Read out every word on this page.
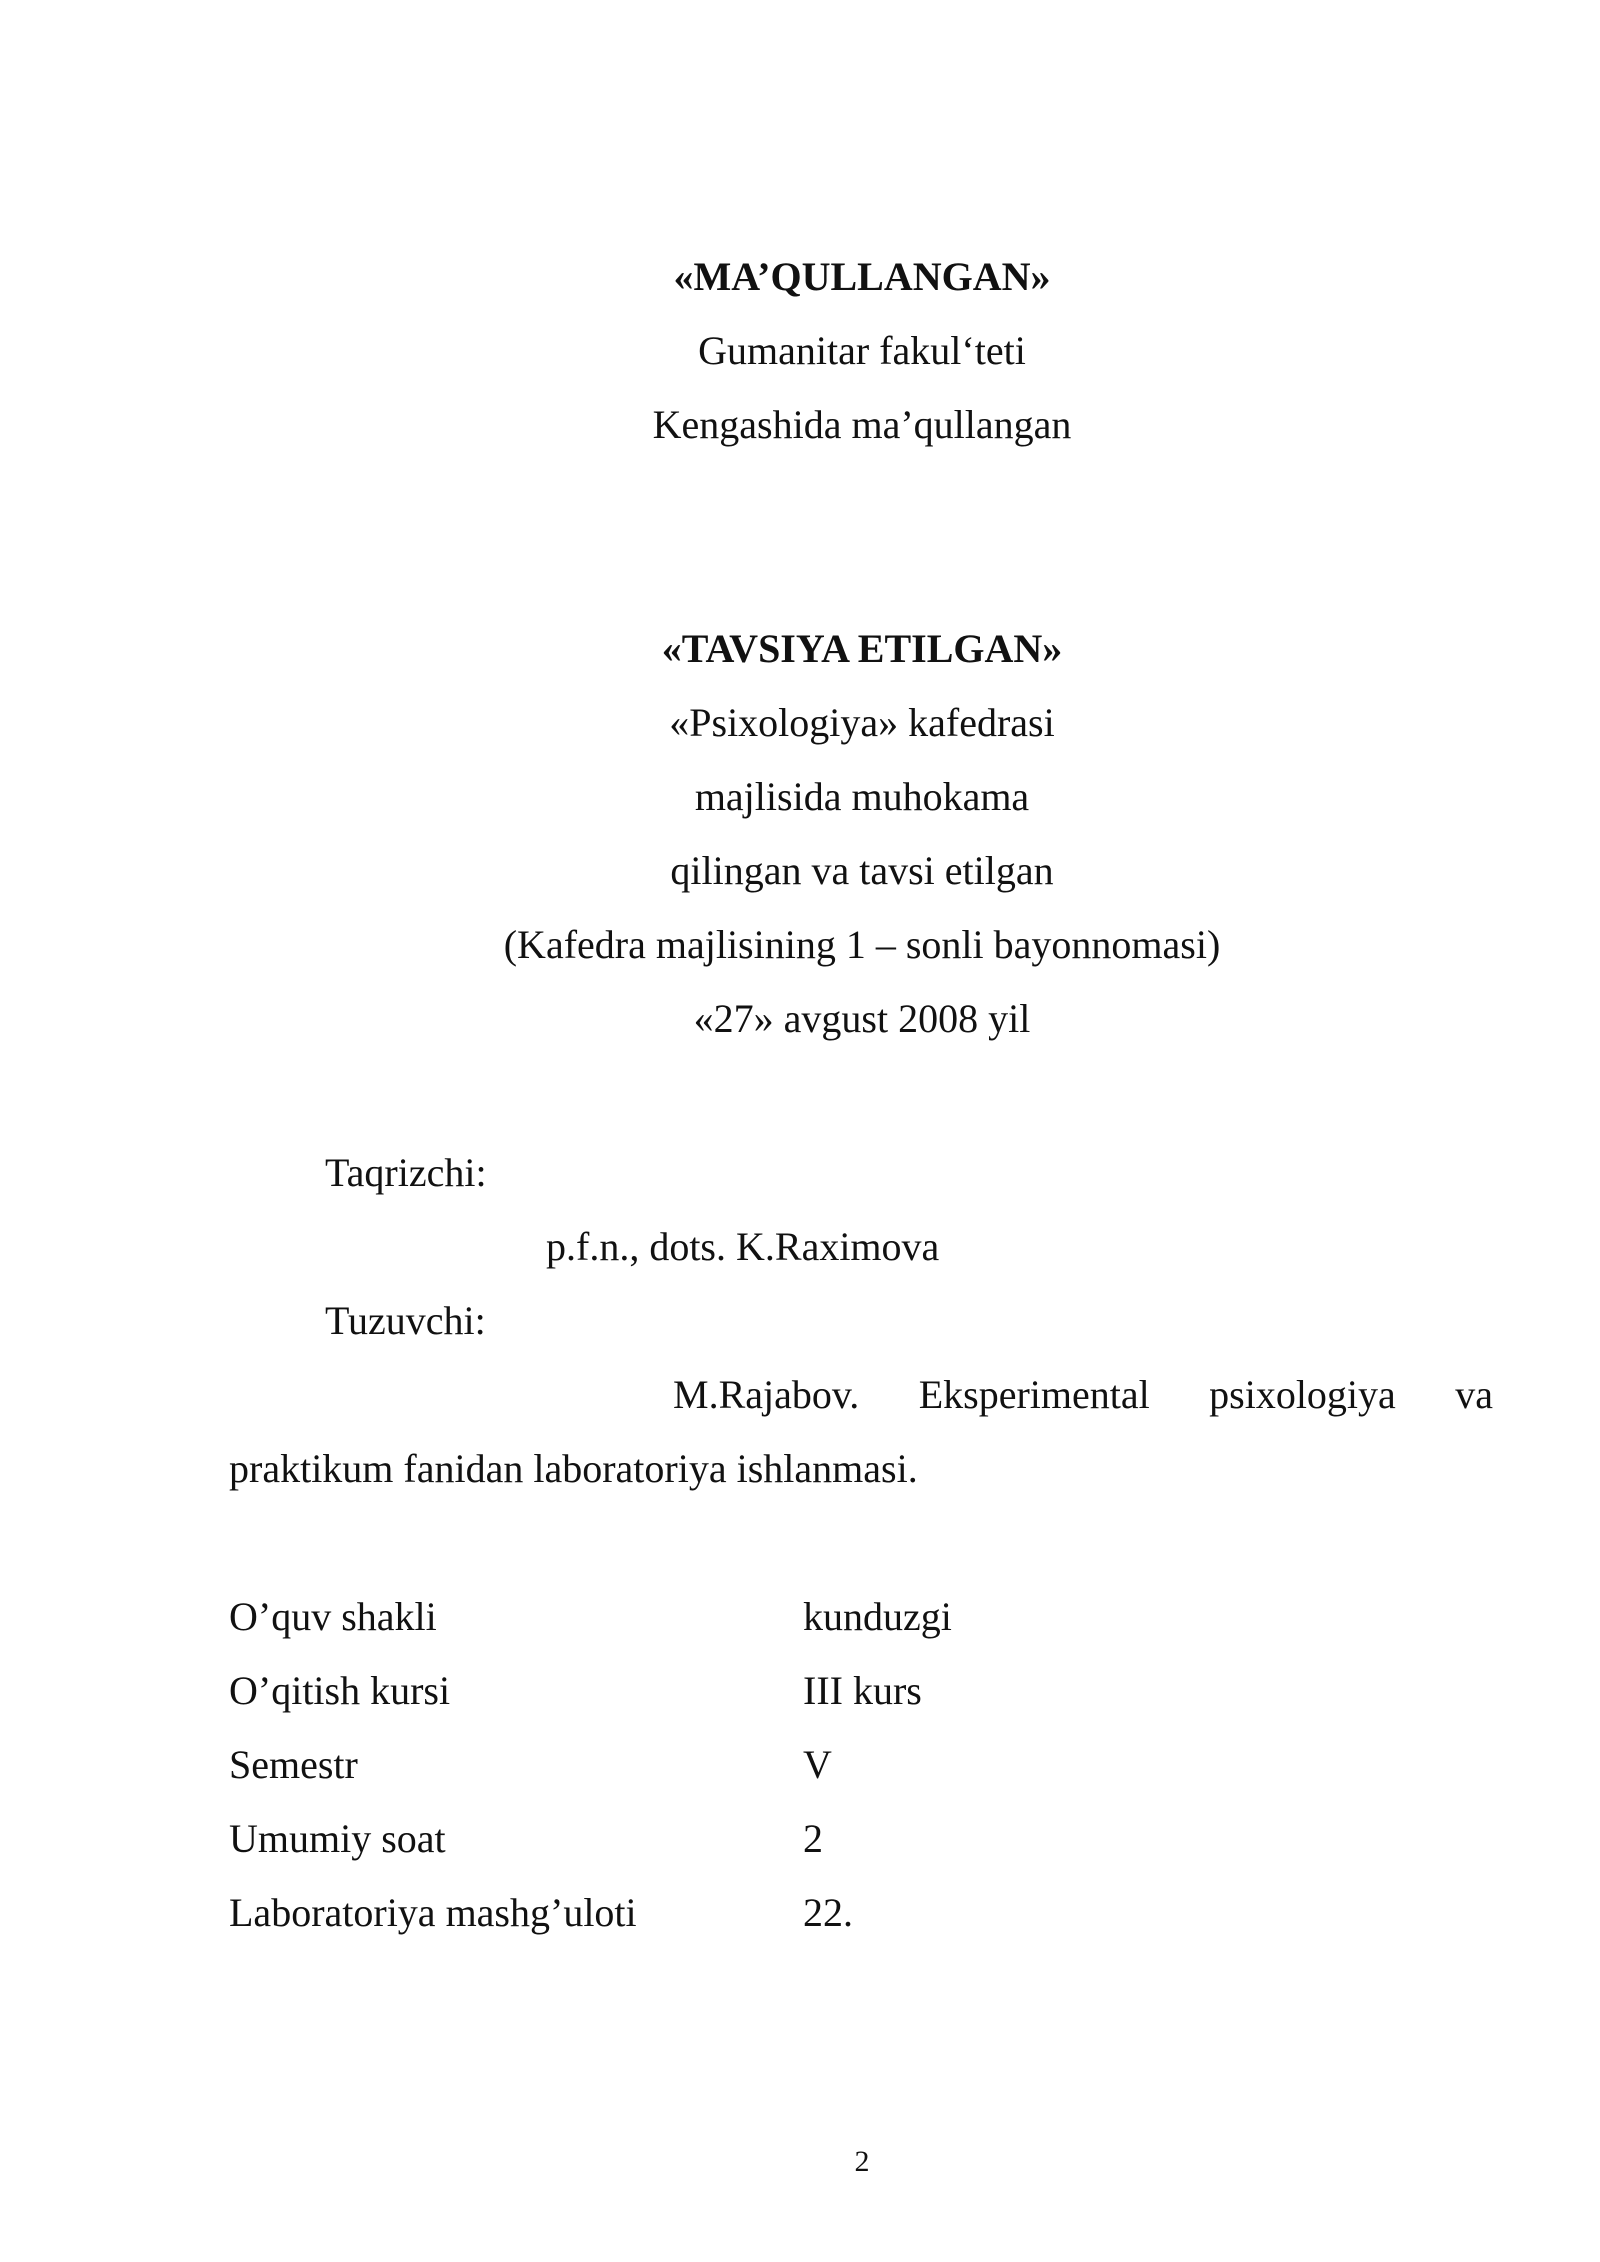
«MA’QULLANGAN»
Gumanitar fakul‘teti
Kengashida ma’qullangan
«TAVSIYA ETILGAN»
«Psixologiya» kafedrasi
majlisida muhokama
qilingan va tavsi etilgan
(Kafedra majlisining 1 – sonli bayonnomasi)
«27» avgust 2008 yil
Taqrizchi:
p.f.n., dots. K.Raximova
Tuzuvchi:
M.Rajabov. Eksperimental psixologiya va
praktikum fanidan laboratoriya ishlanmasi.
O’quv shakli	kunduzgi
O’qitish kursi	III kurs
Semestr	V
Umumiy soat	2
Laboratoriya mashg’uloti	22.
2
